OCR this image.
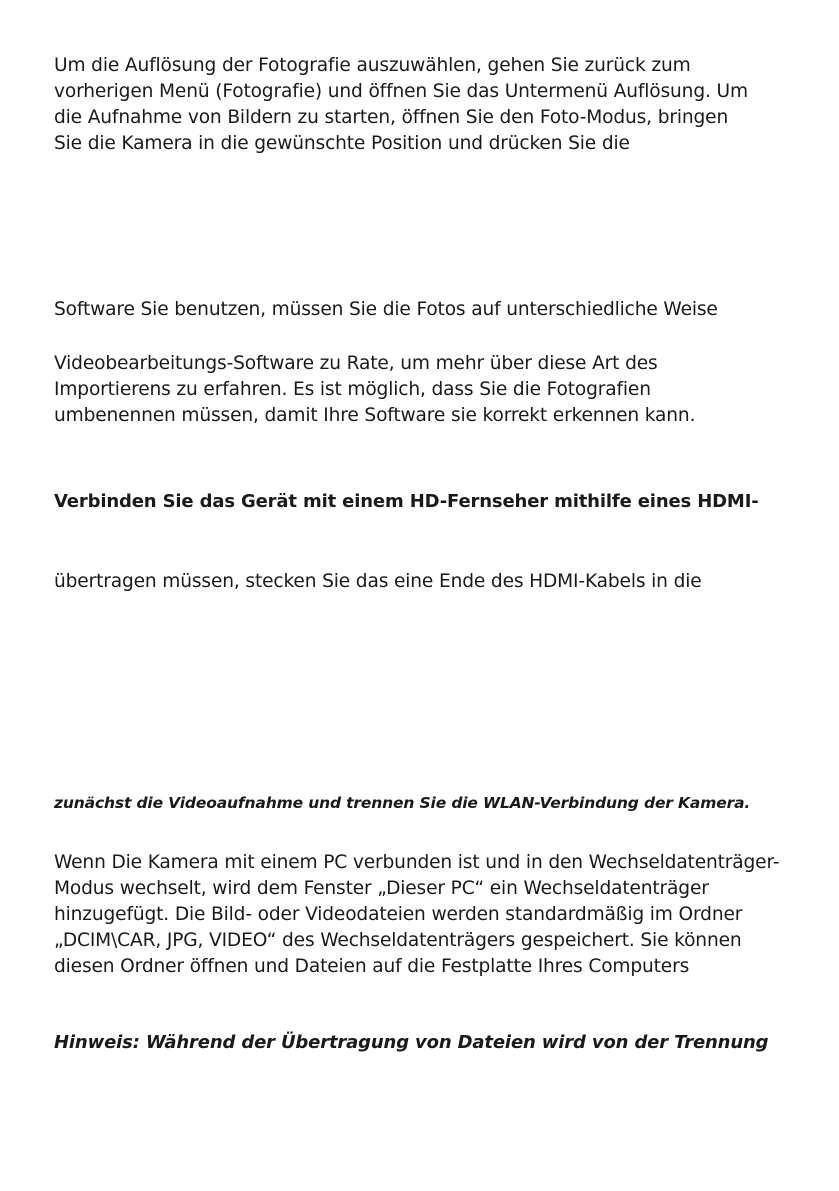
Um die Auflösung der Fotografie auszuwählen, gehen Sie zurück zum
vorherigen Menü (Fotografie) und öffnen Sie das Untermenü Auflösung. Um
die Aufnahme von Bildern zu starten, öffnen Sie den Foto-Modus, bringen
Sie die Kamera in die gewünschte Position und drücken Sie die

Software Sie benutzen, müssen Sie die Fotos auf unterschiedliche Weise

Videobearbeitungs-Software zu Rate, um mehr über diese Art des
Importierens zu erfahren. Es ist möglich, dass Sie die Fotografien
umbenennen müssen, damit Ihre Software sie korrekt erkennen kann.

Verbinden Sie das Gerät mit einem HD-Fernseher mithilfe eines HDMI-

übertragen müssen, stecken Sie das eine Ende des HDMI-Kabels in die

zunächst die Videoaufnahme und trennen Sie die WLAN-Verbindung der Kamera.

Wenn Die Kamera mit einem PC verbunden ist und in den Wechseldatenträger-
Modus wechselt, wird dem Fenster „Dieser PC“ ein Wechseldatenträger
hinzugefügt. Die Bild- oder Videodateien werden standardmäßig im Ordner
„DCIM\CAR, JPG, VIDEO“ des Wechseldatenträgers gespeichert. Sie können
diesen Ordner öffnen und Dateien auf die Festplatte Ihres Computers

Hinweis: Während der Übertragung von Dateien wird von der Trennung
